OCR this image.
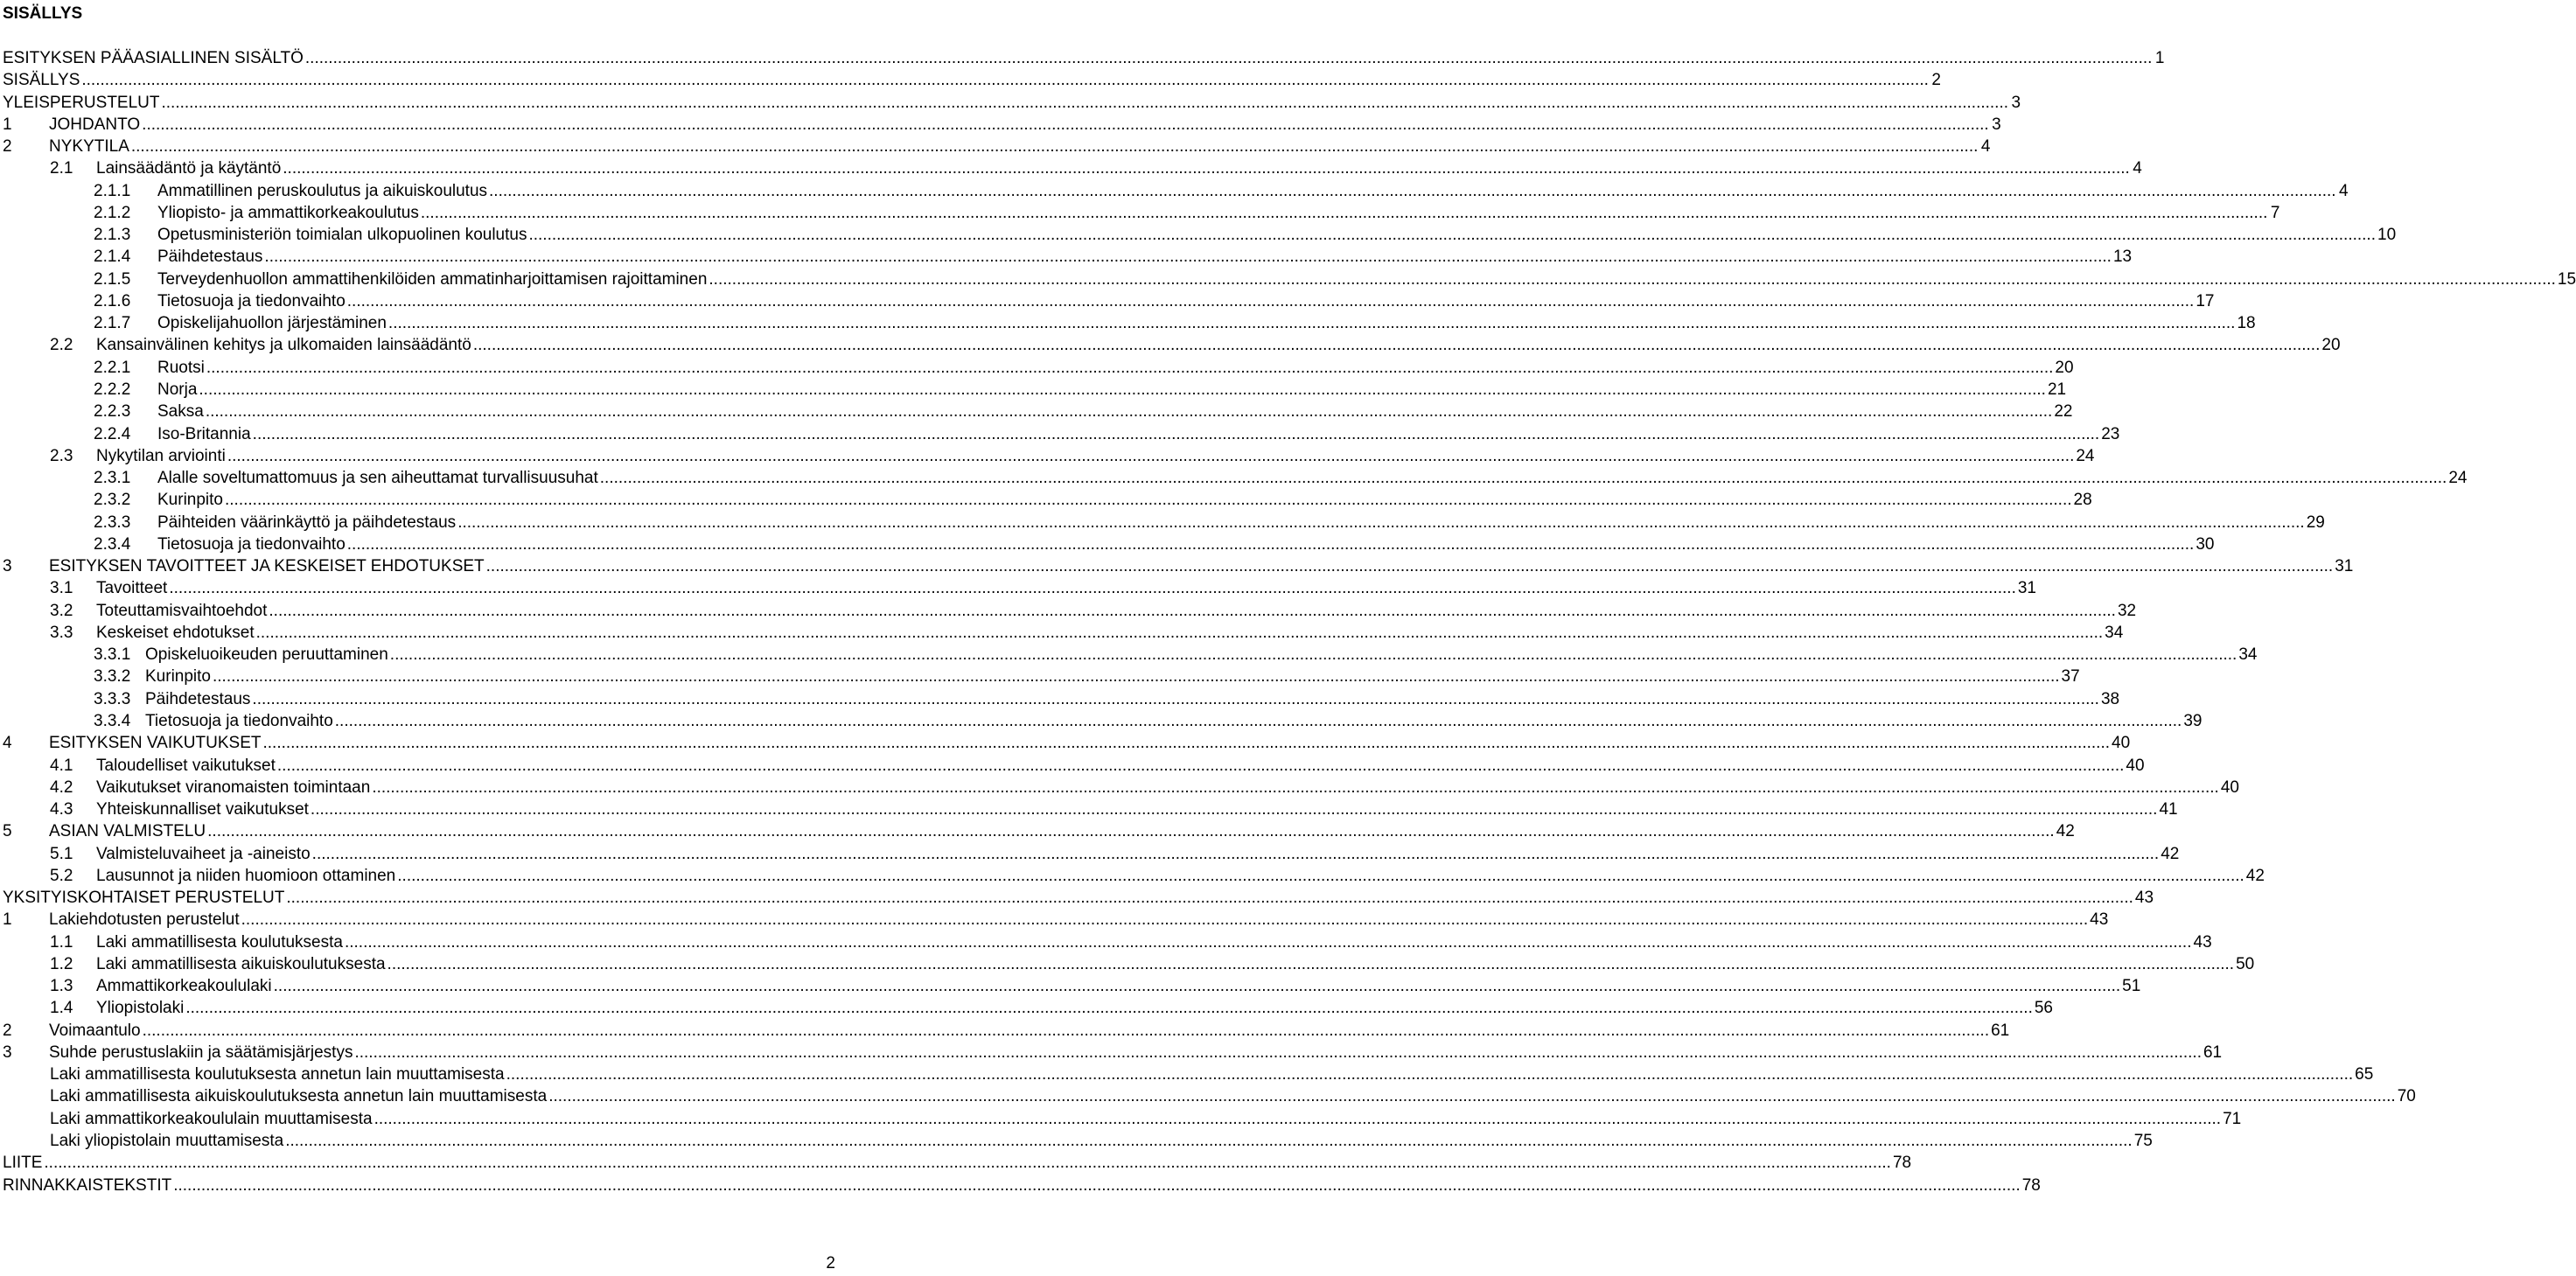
SISÄLLYS
ESITYKSEN PÄÄASIALLINEN SISÄLTÖ ................................................................................................................................................................................................................................................................................................................................................................................................................ 1
SISÄLLYS ................................................................................................................................................................................................................................................................................................................................................................................................................ 2
YLEISPERUSTELUT ................................................................................................................................................................................................................................................................................................................................................................................................................ 3
1	JOHDANTO ................................................................................................................................................................................................................................................................................................................................................................................................................ 3
2	NYKYTILA ................................................................................................................................................................................................................................................................................................................................................................................................................ 4
2.1	Lainsäädäntö ja käytäntö ................................................................................................................................................................................................................................................................................................................................................................................................................ 4
2.1.1	Ammatillinen peruskoulutus ja aikuiskoulutus ................................................................................................................................................................................................................................................................................................................................................................................................................ 4
2.1.2	Yliopisto- ja ammattikorkeakoulutus ................................................................................................................................................................................................................................................................................................................................................................................................................ 7
2.1.3	Opetusministeriön toimialan ulkopuolinen koulutus ................................................................................................................................................................................................................................................................................................................................................................................................................ 10
2.1.4	Päihdetestaus ................................................................................................................................................................................................................................................................................................................................................................................................................ 13
2.1.5	Terveydenhuollon ammattihenkilöiden ammatinharjoittamisen rajoittaminen ................................................................................................................................................................................................................................................................................................................................................................................................................ 15
2.1.6	Tietosuoja ja tiedonvaihto ................................................................................................................................................................................................................................................................................................................................................................................................................ 17
2.1.7	Opiskelijahuollon järjestäminen ................................................................................................................................................................................................................................................................................................................................................................................................................ 18
2.2	Kansainvälinen kehitys ja ulkomaiden lainsäädäntö ................................................................................................................................................................................................................................................................................................................................................................................................................ 20
2.2.1	Ruotsi ................................................................................................................................................................................................................................................................................................................................................................................................................ 20
2.2.2	Norja ................................................................................................................................................................................................................................................................................................................................................................................................................ 21
2.2.3	Saksa ................................................................................................................................................................................................................................................................................................................................................................................................................ 22
2.2.4	Iso-Britannia ................................................................................................................................................................................................................................................................................................................................................................................................................ 23
2.3	Nykytilan arviointi ................................................................................................................................................................................................................................................................................................................................................................................................................ 24
2.3.1	Alalle soveltumattomuus ja sen aiheuttamat turvallisuusuhat ................................................................................................................................................................................................................................................................................................................................................................................................................ 24
2.3.2	Kurinpito ................................................................................................................................................................................................................................................................................................................................................................................................................ 28
2.3.3	Päihteiden väärinkäyttö ja päihdetestaus ................................................................................................................................................................................................................................................................................................................................................................................................................ 29
2.3.4	Tietosuoja ja tiedonvaihto ................................................................................................................................................................................................................................................................................................................................................................................................................ 30
3	ESITYKSEN TAVOITTEET JA KESKEISET EHDOTUKSET ................................................................................................................................................................................................................................................................................................................................................................................................................ 31
3.1	Tavoitteet ................................................................................................................................................................................................................................................................................................................................................................................................................ 31
3.2	Toteuttamisvaihtoehdot ................................................................................................................................................................................................................................................................................................................................................................................................................ 32
3.3	Keskeiset ehdotukset ................................................................................................................................................................................................................................................................................................................................................................................................................ 34
3.3.1 Opiskeluoikeuden peruuttaminen ................................................................................................................................................................................................................................................................................................................................................................................................................ 34
3.3.2 Kurinpito ................................................................................................................................................................................................................................................................................................................................................................................................................ 37
3.3.3 Päihdetestaus ................................................................................................................................................................................................................................................................................................................................................................................................................ 38
3.3.4 Tietosuoja ja tiedonvaihto ................................................................................................................................................................................................................................................................................................................................................................................................................ 39
4	ESITYKSEN VAIKUTUKSET ................................................................................................................................................................................................................................................................................................................................................................................................................ 40
4.1	Taloudelliset vaikutukset ................................................................................................................................................................................................................................................................................................................................................................................................................ 40
4.2	Vaikutukset viranomaisten toimintaan ................................................................................................................................................................................................................................................................................................................................................................................................................ 40
4.3	Yhteiskunnalliset vaikutukset ................................................................................................................................................................................................................................................................................................................................................................................................................ 41
5	ASIAN VALMISTELU ................................................................................................................................................................................................................................................................................................................................................................................................................ 42
5.1	Valmisteluvaiheet ja -aineisto ................................................................................................................................................................................................................................................................................................................................................................................................................ 42
5.2	Lausunnot ja niiden huomioon ottaminen ................................................................................................................................................................................................................................................................................................................................................................................................................ 42
YKSITYISKOHTAISET PERUSTELUT ................................................................................................................................................................................................................................................................................................................................................................................................................ 43
1	Lakiehdotusten perustelut ................................................................................................................................................................................................................................................................................................................................................................................................................ 43
1.1	Laki ammatillisesta koulutuksesta ................................................................................................................................................................................................................................................................................................................................................................................................................ 43
1.2	Laki ammatillisesta aikuiskoulutuksesta ................................................................................................................................................................................................................................................................................................................................................................................................................ 50
1.3	Ammattikorkeakoululaki ................................................................................................................................................................................................................................................................................................................................................................................................................ 51
1.4	Yliopistolaki ................................................................................................................................................................................................................................................................................................................................................................................................................ 56
2	Voimaantulo ................................................................................................................................................................................................................................................................................................................................................................................................................ 61
3	Suhde perustuslakiin ja säätämisjärjestys ................................................................................................................................................................................................................................................................................................................................................................................................................ 61
Laki ammatillisesta koulutuksesta annetun lain muuttamisesta ................................................................................................................................................................................................................................................................................................................................................................................................................ 65
Laki ammatillisesta aikuiskoulutuksesta annetun lain muuttamisesta ................................................................................................................................................................................................................................................................................................................................................................................................................ 70
Laki ammattikorkeakoululain muuttamisesta ................................................................................................................................................................................................................................................................................................................................................................................................................ 71
Laki yliopistolain muuttamisesta ................................................................................................................................................................................................................................................................................................................................................................................................................ 75
LIITE ................................................................................................................................................................................................................................................................................................................................................................................................................ 78
RINNAKKAISTEKSTIT ................................................................................................................................................................................................................................................................................................................................................................................................................ 78
2
